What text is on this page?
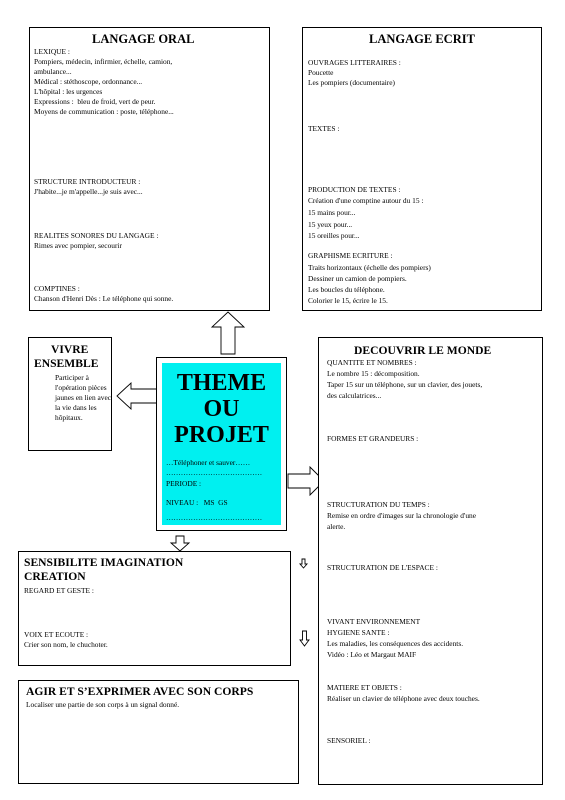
LANGAGE ORAL
LEXIQUE :
Pompiers, médecin, infirmier, échelle, camion,
ambulance...
Médical : stéthoscope, ordonnance...
L'hôpital : les urgences
Expressions :  bleu de froid, vert de peur.
Moyens de communication : poste, téléphone...
STRUCTURE INTRODUCTEUR :
J'habite...je m'appelle...je suis avec...
REALITES SONORES DU LANGAGE :
Rimes avec pompier, secourir
COMPTINES :
Chanson d'Henri Dès : Le téléphone qui sonne.
LANGAGE ECRIT
OUVRAGES LITTERAIRES :
Poucette
Les pompiers (documentaire)
TEXTES :
PRODUCTION DE TEXTES :
Création d'une comptine autour du 15 :
15 mains pour...
15 yeux pour...
15 oreilles pour...
GRAPHISME ECRITURE :
Traits horizontaux (échelle des pompiers)
Dessiner un camion de pompiers.
Les boucles du téléphone.
Colorier le 15, écrire le 15.
VIVRE
ENSEMBLE
Participer à
l'opération pièces
jaunes en lien avec
la vie dans les
hôpitaux.
THEME
OU
PROJET
…Téléphoner et sauver……
…………………………………
PERIODE :
NIVEAU :   MS  GS
…………………………………
DECOUVRIR LE MONDE
QUANTITE ET NOMBRES :
Le nombre 15 : décomposition.
Taper 15 sur un téléphone, sur un clavier, des jouets,
des calculatrices...
FORMES ET GRANDEURS :
STRUCTURATION DU TEMPS :
Remise en ordre d'images sur la chronologie d'une
alerte.
STRUCTURATION DE L'ESPACE :
VIVANT ENVIRONNEMENT
HYGIENE SANTE :
Les maladies, les conséquences des accidents.
Vidéo : Léo et Margaut MAIF
MATIERE ET OBJETS :
Réaliser un clavier de téléphone avec deux touches.
SENSORIEL :
SENSIBILITE IMAGINATION
CREATION
REGARD ET GESTE :
VOIX ET ECOUTE :
Crier son nom, le chuchoter.
AGIR ET S’EXPRIMER AVEC SON CORPS
Localiser une partie de son corps à un signal donné.
